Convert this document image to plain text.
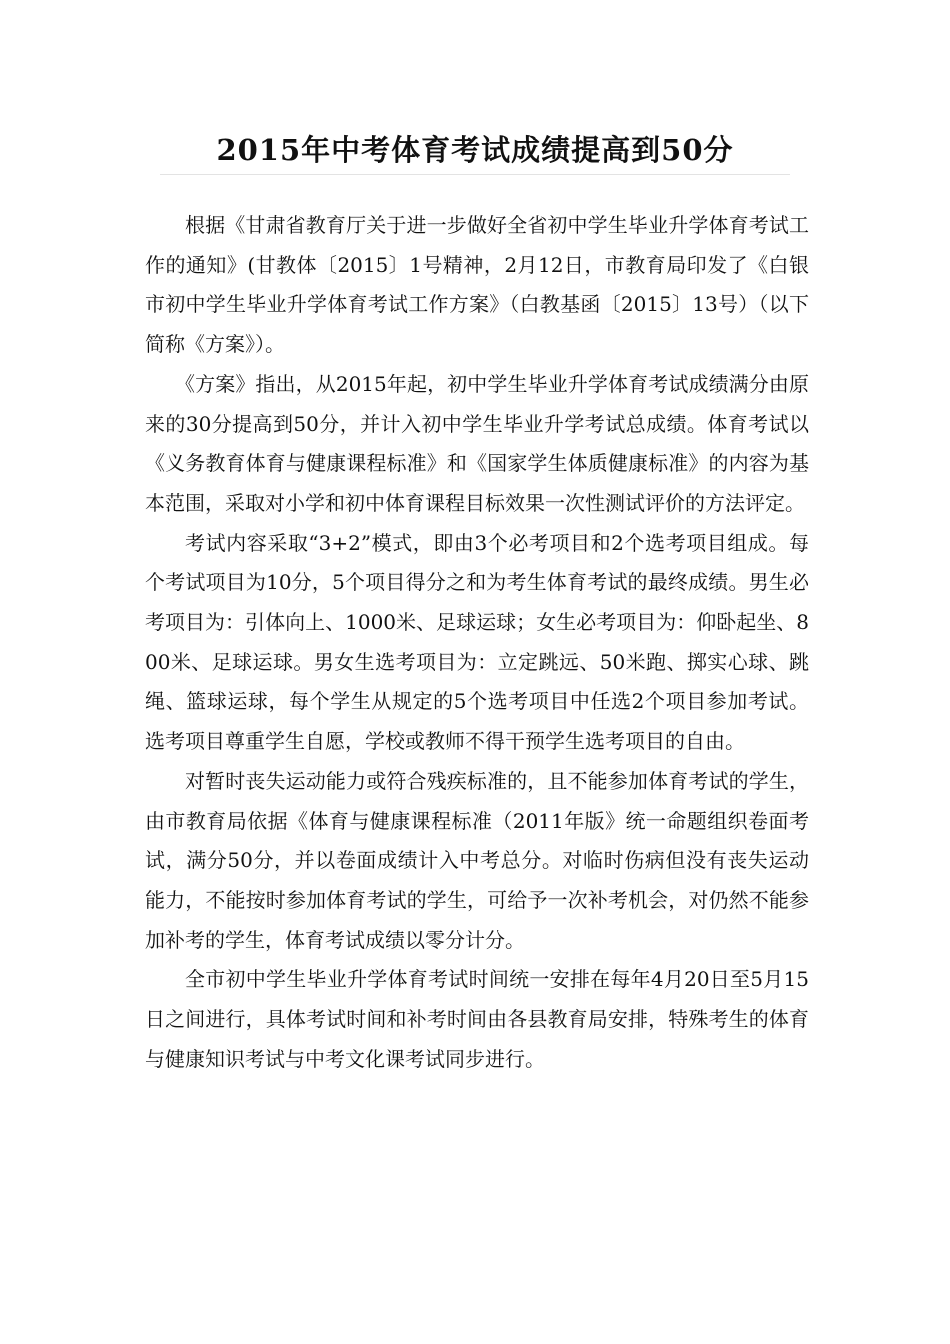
2015年中考体育考试成绩提高到50分

根据《甘肃省教育厅关于进一步做好全省初中学生毕业升学体育考试工作的通知》(甘教体〔2015〕1号精神，2月12日，市教育局印发了《白银市初中学生毕业升学体育考试工作方案》（白教基函〔2015〕13号）（以下简称《方案》）。

《方案》指出，从2015年起，初中学生毕业升学体育考试成绩满分由原来的30分提高到50分，并计入初中学生毕业升学考试总成绩。体育考试以《义务教育体育与健康课程标准》和《国家学生体质健康标准》的内容为基本范围，采取对小学和初中体育课程目标效果一次性测试评价的方法评定。

考试内容采取“3+2”模式，即由3个必考项目和2个选考项目组成。每个考试项目为10分，5个项目得分之和为考生体育考试的最终成绩。男生必考项目为：引体向上、1000米、足球运球；女生必考项目为：仰卧起坐、800米、足球运球。男女生选考项目为：立定跳远、50米跑、掷实心球、跳绳、篮球运球，每个学生从规定的5个选考项目中任选2个项目参加考试。选考项目尊重学生自愿，学校或教师不得干预学生选考项目的自由。

对暂时丧失运动能力或符合残疾标准的，且不能参加体育考试的学生，由市教育局依据《体育与健康课程标准（2011年版》统一命题组织卷面考试，满分50分，并以卷面成绩计入中考总分。对临时伤病但没有丧失运动能力，不能按时参加体育考试的学生，可给予一次补考机会，对仍然不能参加补考的学生，体育考试成绩以零分计分。

全市初中学生毕业升学体育考试时间统一安排在每年4月20日至5月15日之间进行，具体考试时间和补考时间由各县教育局安排，特殊考生的体育与健康知识考试与中考文化课考试同步进行。
